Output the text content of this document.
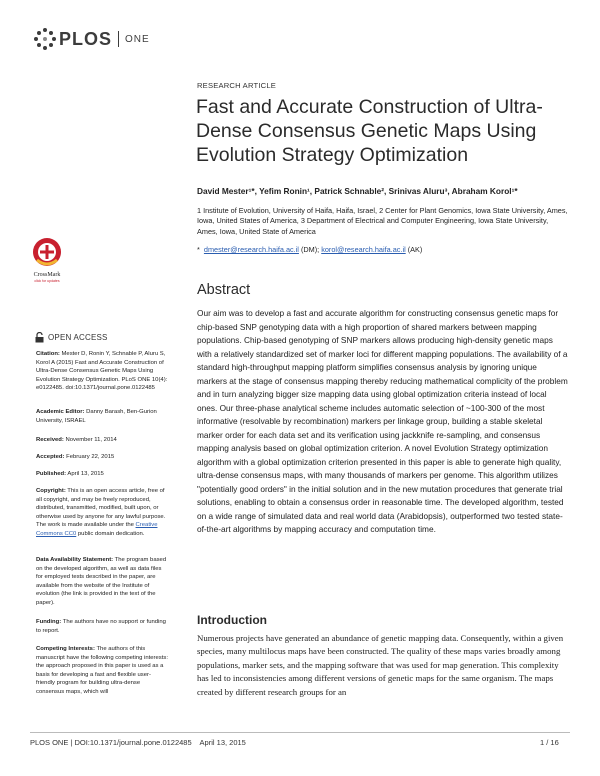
PLOS ONE
RESEARCH ARTICLE
Fast and Accurate Construction of Ultra-Dense Consensus Genetic Maps Using Evolution Strategy Optimization
David Mester¹*, Yefim Ronin¹, Patrick Schnable², Srinivas Aluru³, Abraham Korol¹*
1 Institute of Evolution, University of Haifa, Haifa, Israel, 2 Center for Plant Genomics, Iowa State University, Ames, Iowa, United States of America, 3 Department of Electrical and Computer Engineering, Iowa State University, Ames, Iowa, United State of America
* dmester@research.haifa.ac.il (DM); korol@research.haifa.ac.il (AK)
CrossMark
click for updates
Abstract

Our aim was to develop a fast and accurate algorithm for constructing consensus genetic maps for chip-based SNP genotyping data with a high proportion of shared markers between mapping populations. Chip-based genotyping of SNP markers allows producing high-density genetic maps with a relatively standardized set of marker loci for different mapping populations. The availability of a standard high-throughput mapping platform simplifies consensus analysis by ignoring unique markers at the stage of consensus mapping thereby reducing mathematical complicity of the problem and in turn analyzing bigger size mapping data using global optimization criteria instead of local ones. Our three-phase analytical scheme includes automatic selection of ~100-300 of the most informative (resolvable by recombination) markers per linkage group, building a stable skeletal marker order for each data set and its verification using jackknife re-sampling, and consensus mapping analysis based on global optimization criterion. A novel Evolution Strategy optimization algorithm with a global optimization criterion presented in this paper is able to generate high quality, ultra-dense consensus maps, with many thousands of markers per genome. This algorithm utilizes "potentially good orders" in the initial solution and in the new mutation procedures that generate trial solutions, enabling to obtain a consensus order in reasonable time. The developed algorithm, tested on a wide range of simulated data and real world data (Arabidopsis), outperformed two tested state-of-the-art algorithms by mapping accuracy and computation time.

OPEN ACCESS
Citation: Mester D, Ronin Y, Schnable P, Aluru S, Korol A (2015) Fast and Accurate Construction of Ultra-Dense Consensus Genetic Maps Using Evolution Strategy Optimization. PLoS ONE 10(4): e0122485. doi:10.1371/journal.pone.0122485
Academic Editor: Danny Barash, Ben-Gurion University, ISRAEL
Received: November 11, 2014
Accepted: February 22, 2015
Published: April 13, 2015
Copyright: This is an open access article, free of all copyright, and may be freely reproduced, distributed, transmitted, modified, built upon, or otherwise used by anyone for any lawful purpose. The work is made available under the Creative Commons CC0 public domain dedication.
Data Availability Statement: The program based on the developed algorithm, as well as data files for employed tests described in the paper, are available from the website of the Institute of evolution (the link is provided in the text of the paper).
Funding: The authors have no support or funding to report.
Competing Interests: The authors of this manuscript have the following competing interests: the approach proposed in this paper is used as a basis for developing a fast and flexible user-friendly program for building ultra-dense consensus maps, which will
Introduction

Numerous projects have generated an abundance of genetic mapping data. Consequently, within a given species, many multilocus maps have been constructed. The quality of these maps varies broadly among populations, marker sets, and the mapping software that was used for map generation. This complexity has led to inconsistencies among different versions of genetic maps for the same organism. The maps created by different research groups for an

PLOS ONE | DOI:10.1371/journal.pone.0122485    April 13, 2015	1 / 16
